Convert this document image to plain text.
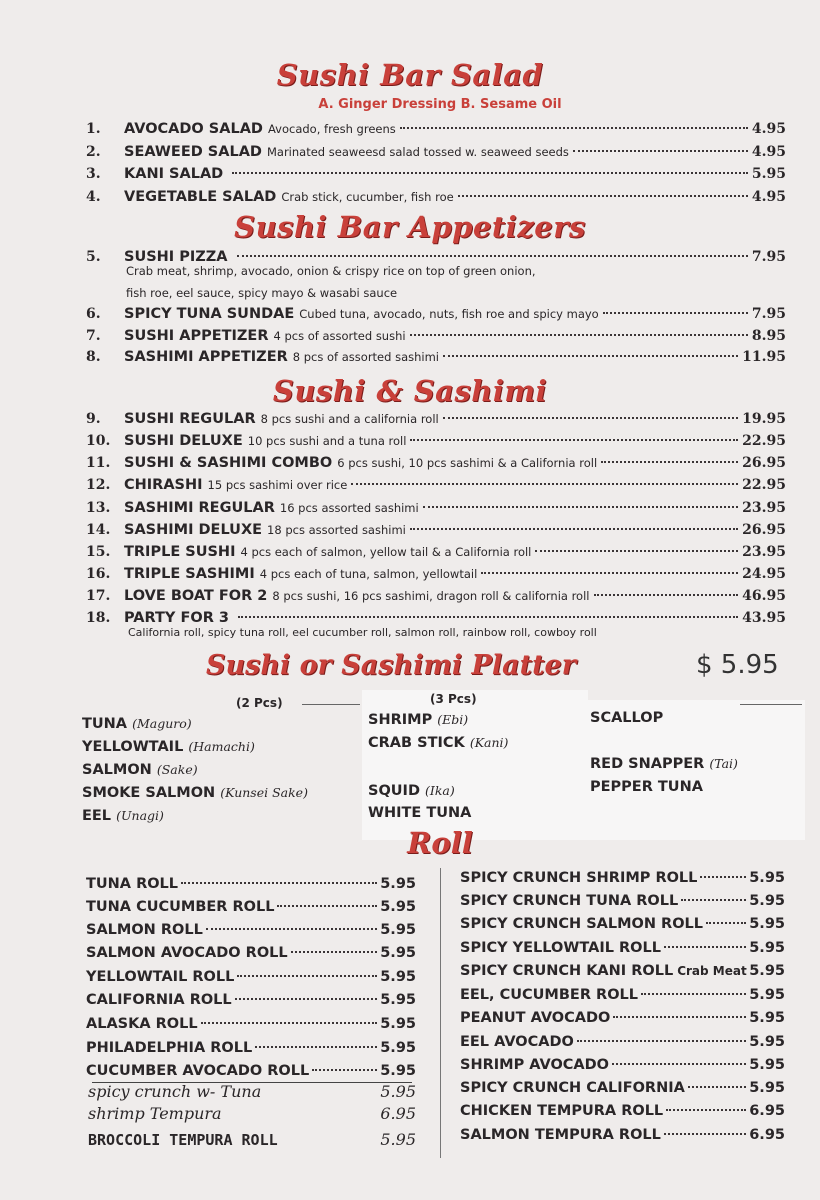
Sushi Bar Salad
A. Ginger Dressing B. Sesame Oil
1.	AVOCADO SALAD Avocado, fresh greens	4.95
2.	SEAWEED SALAD Marinated seaweesd salad tossed w. seaweed seeds	4.95
3.	KANI SALAD	5.95
4.	VEGETABLE SALAD Crab stick, cucumber, fish roe	4.95
5.	SUSHI PIZZA	7.95
6.	SPICY TUNA SUNDAE Cubed tuna, avocado, nuts, fish roe and spicy mayo	7.95
7.	SUSHI APPETIZER 4 pcs of assorted sushi	8.95
8.	SASHIMI APPETIZER 8 pcs of assorted sashimi	11.95
Crab meat, shrimp, avocado, onion & crispy rice on top of green onion,
fish roe, eel sauce, spicy mayo & wasabi sauce
Sushi Bar Appetizers
Sushi & Sashimi
9.	SUSHI REGULAR 8 pcs sushi and a california roll	19.95
10. SUSHI DELUXE 10 pcs sushi and a tuna roll	22.95
11. SUSHI & SASHIMI COMBO 6 pcs sushi, 10 pcs sashimi & a California roll	26.95
12. CHIRASHI 15 pcs sashimi over rice	22.95
13. SASHIMI REGULAR 16 pcs assorted sashimi	23.95
14. SASHIMI DELUXE 18 pcs assorted sashimi	26.95
15. TRIPLE SUSHI 4 pcs each of salmon, yellow tail & a California roll	23.95
16. TRIPLE SASHIMI 4 pcs each of tuna, salmon, yellowtail	24.95
17. LOVE BOAT FOR 2 8 pcs sushi, 16 pcs sashimi, dragon roll & california roll	46.95
18. PARTY FOR 3	43.95
California roll, spicy tuna roll, eel cucumber roll, salmon roll, rainbow roll, cowboy roll
Sushi or Sashimi Platter	$ 5.95
(2 Pcs)	(3 Pcs)
TUNA (Maguro)
YELLOWTAIL (Hamachi)
SALMON (Sake)
SMOKE SALMON (Kunsei Sake)
EEL (Unagi)
SHRIMP (Ebi)
CRAB STICK (Kani)
SQUID (Ika)
WHITE TUNA
SCALLOP
RED SNAPPER (Tai)
PEPPER TUNA
Roll
TUNA ROLL	5.95
TUNA CUCUMBER ROLL	5.95
SALMON ROLL	5.95
SALMON AVOCADO ROLL	5.95
YELLOWTAIL ROLL	5.95
CALIFORNIA ROLL	5.95
ALASKA ROLL	5.95
PHILADELPHIA ROLL	5.95
CUCUMBER AVOCADO ROLL	5.95
spicy crunch w- Tuna	5.95
shrimp Tempura	6.95
BROCCOLI TEMPURA ROLL	5.95
SPICY CRUNCH SHRIMP ROLL	5.95
SPICY CRUNCH TUNA ROLL	5.95
SPICY CRUNCH SALMON ROLL	5.95
SPICY YELLOWTAIL ROLL	5.95
SPICY CRUNCH KANI ROLL Crab Meat 5.95
EEL, CUCUMBER ROLL	5.95
PEANUT AVOCADO	5.95
EEL AVOCADO	5.95
SHRIMP AVOCADO	5.95
SPICY CRUNCH CALIFORNIA	5.95
CHICKEN TEMPURA ROLL	6.95
SALMON TEMPURA ROLL	6.95
